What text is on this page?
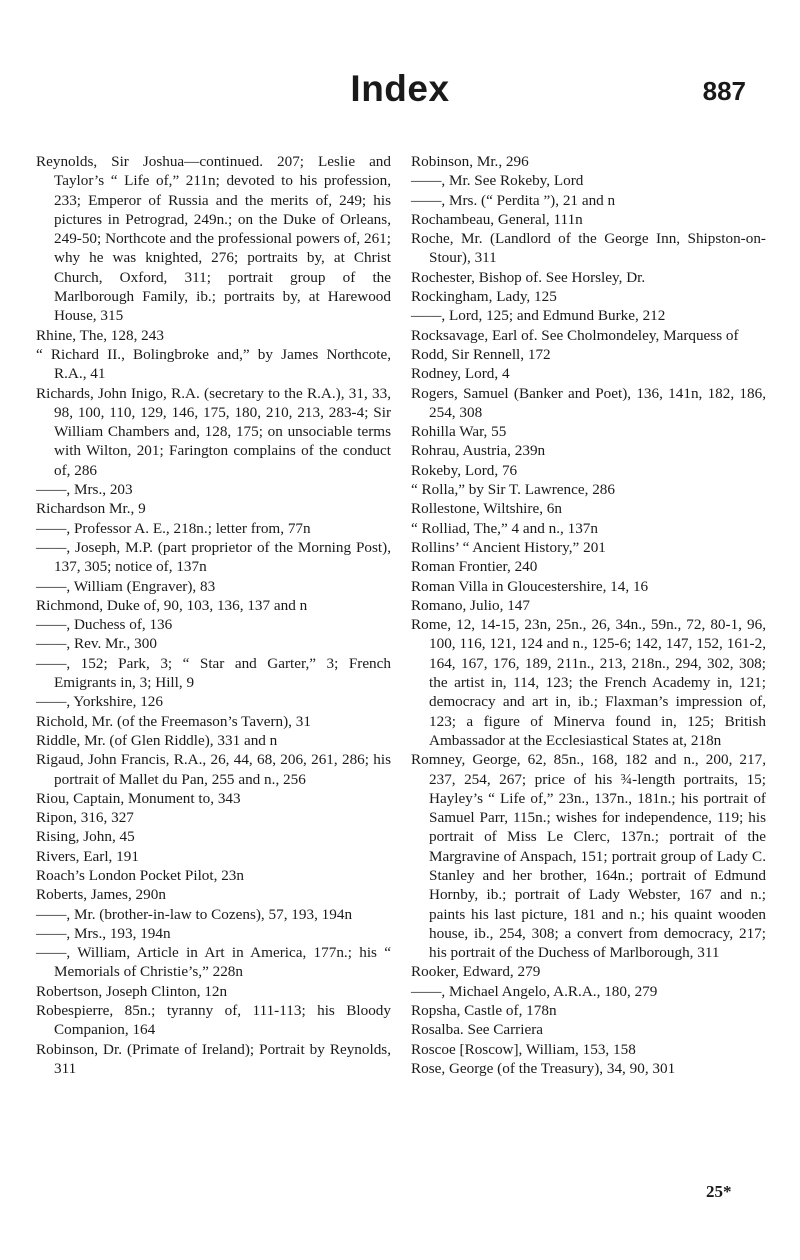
Index	887
Reynolds, Sir Joshua—continued. 207; Leslie and Taylor’s “ Life of,” 211n; devoted to his profession, 233; Emperor of Russia and the merits of, 249; his pictures in Petrograd, 249n.; on the Duke of Orleans, 249-50; Northcote and the professional powers of, 261; why he was knighted, 276; portraits by, at Christ Church, Oxford, 311; portrait group of the Marlborough Family, ib.; portraits by, at Harewood House, 315
Rhine, The, 128, 243
“ Richard II., Bolingbroke and,” by James Northcote, R.A., 41
Richards, John Inigo, R.A. (secretary to the R.A.), 31, 33, 98, 100, 110, 129, 146, 175, 180, 210, 213, 283-4; Sir William Chambers and, 128, 175; on unsociable terms with Wilton, 201; Farington complains of the conduct of, 286
——, Mrs., 203
Richardson Mr., 9
——, Professor A. E., 218n.; letter from, 77n
——, Joseph, M.P. (part proprietor of the Morning Post), 137, 305; notice of, 137n
——, William (Engraver), 83
Richmond, Duke of, 90, 103, 136, 137 and n
——, Duchess of, 136
——, Rev. Mr., 300
——, 152; Park, 3; “ Star and Garter,” 3; French Emigrants in, 3; Hill, 9
——, Yorkshire, 126
Richold, Mr. (of the Freemason’s Tavern), 31
Riddle, Mr. (of Glen Riddle), 331 and n
Rigaud, John Francis, R.A., 26, 44, 68, 206, 261, 286; his portrait of Mallet du Pan, 255 and n., 256
Riou, Captain, Monument to, 343
Ripon, 316, 327
Rising, John, 45
Rivers, Earl, 191
Roach’s London Pocket Pilot, 23n
Roberts, James, 290n
——, Mr. (brother-in-law to Cozens), 57, 193, 194n
——, Mrs., 193, 194n
——, William, Article in Art in America, 177n.; his “ Memorials of Christie’s,” 228n
Robertson, Joseph Clinton, 12n
Robespierre, 85n.; tyranny of, 111-113; his Bloody Companion, 164
Robinson, Dr. (Primate of Ireland); Portrait by Reynolds, 311
Robinson, Mr., 296
——, Mr. See Rokeby, Lord
——, Mrs. (“ Perdita ”), 21 and n
Rochambeau, General, 111n
Roche, Mr. (Landlord of the George Inn, Shipston-on-Stour), 311
Rochester, Bishop of. See Horsley, Dr.
Rockingham, Lady, 125
——, Lord, 125; and Edmund Burke, 212
Rocksavage, Earl of. See Cholmondeley, Marquess of
Rodd, Sir Rennell, 172
Rodney, Lord, 4
Rogers, Samuel (Banker and Poet), 136, 141n, 182, 186, 254, 308
Rohilla War, 55
Rohrau, Austria, 239n
Rokeby, Lord, 76
“ Rolla,” by Sir T. Lawrence, 286
Rollestone, Wiltshire, 6n
“ Rolliad, The,” 4 and n., 137n
Rollins’ “ Ancient History,” 201
Roman Frontier, 240
Roman Villa in Gloucestershire, 14, 16
Romano, Julio, 147
Rome, 12, 14-15, 23n, 25n., 26, 34n., 59n., 72, 80-1, 96, 100, 116, 121, 124 and n., 125-6; 142, 147, 152, 161-2, 164, 167, 176, 189, 211n., 213, 218n., 294, 302, 308; the artist in, 114, 123; the French Academy in, 121; democracy and art in, ib.; Flaxman’s impression of, 123; a figure of Minerva found in, 125; British Ambassador at the Ecclesiastical States at, 218n
Romney, George, 62, 85n., 168, 182 and n., 200, 217, 237, 254, 267; price of his ¾-length portraits, 15; Hayley’s “ Life of,” 23n., 137n., 181n.; his portrait of Samuel Parr, 115n.; wishes for independence, 119; his portrait of Miss Le Clerc, 137n.; portrait of the Margravine of Anspach, 151; portrait group of Lady C. Stanley and her brother, 164n.; portrait of Edmund Hornby, ib.; portrait of Lady Webster, 167 and n.; paints his last picture, 181 and n.; his quaint wooden house, ib., 254, 308; a convert from democracy, 217; his portrait of the Duchess of Marlborough, 311
Rooker, Edward, 279
——, Michael Angelo, A.R.A., 180, 279
Ropsha, Castle of, 178n
Rosalba. See Carriera
Roscoe [Roscow], William, 153, 158
Rose, George (of the Treasury), 34, 90, 301
25*
